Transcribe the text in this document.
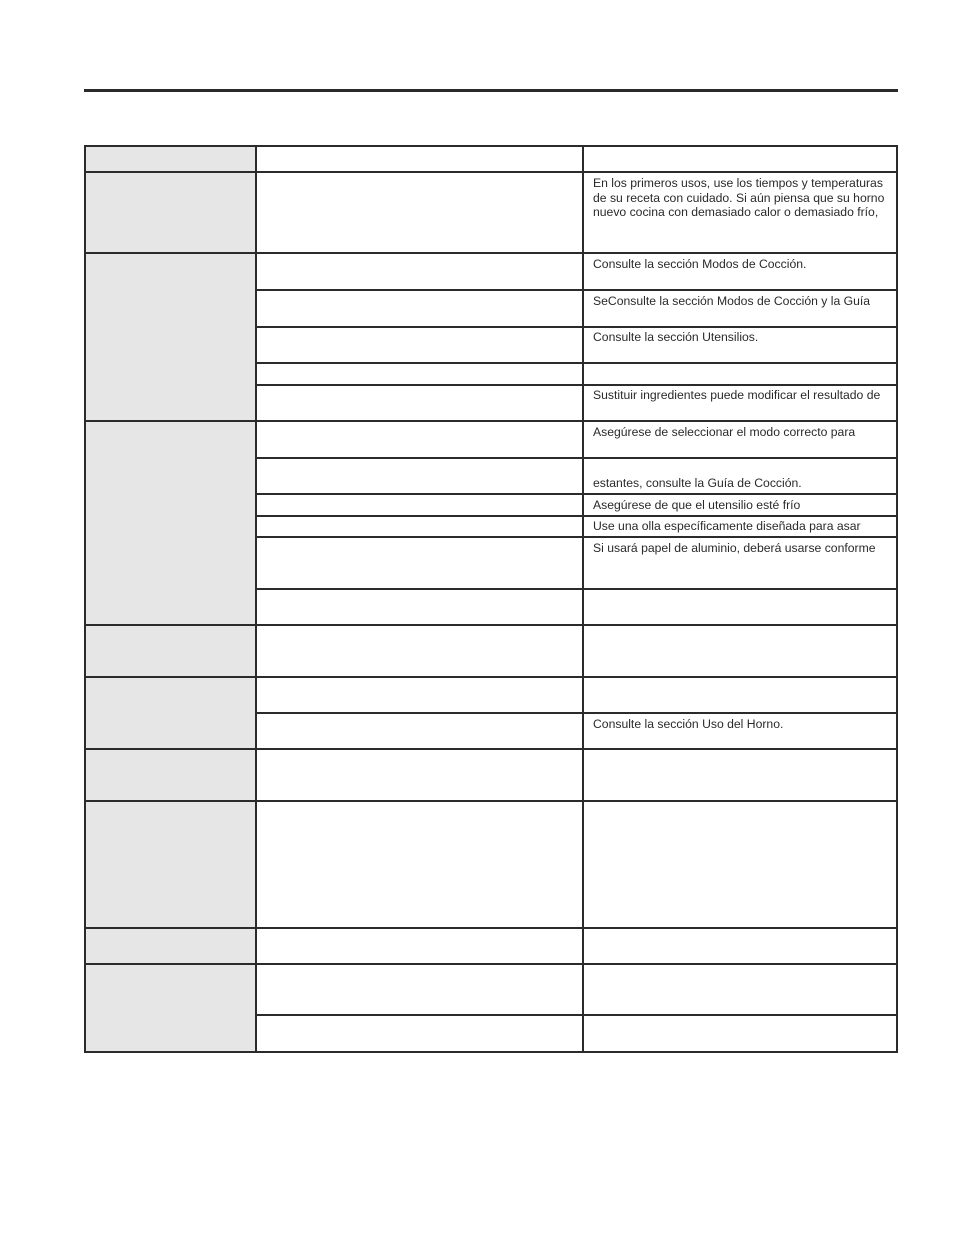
En los primeros usos, use los tiempos y temperaturas
de su receta con cuidado. Si aún piensa que su horno
nuevo cocina con demasiado calor o demasiado frío,
Consulte la sección Modos de Cocción.
SeConsulte la sección Modos de Cocción y la Guía
Consulte la sección Utensilios.
Sustituir ingredientes puede modificar el resultado de
Asegúrese de seleccionar el modo correcto para
estantes, consulte la Guía de Cocción.
Asegúrese de que el utensilio esté frío
Use una olla específicamente diseñada para asar
Si usará papel de aluminio, deberá usarse conforme
Consulte la sección Uso del Horno.
